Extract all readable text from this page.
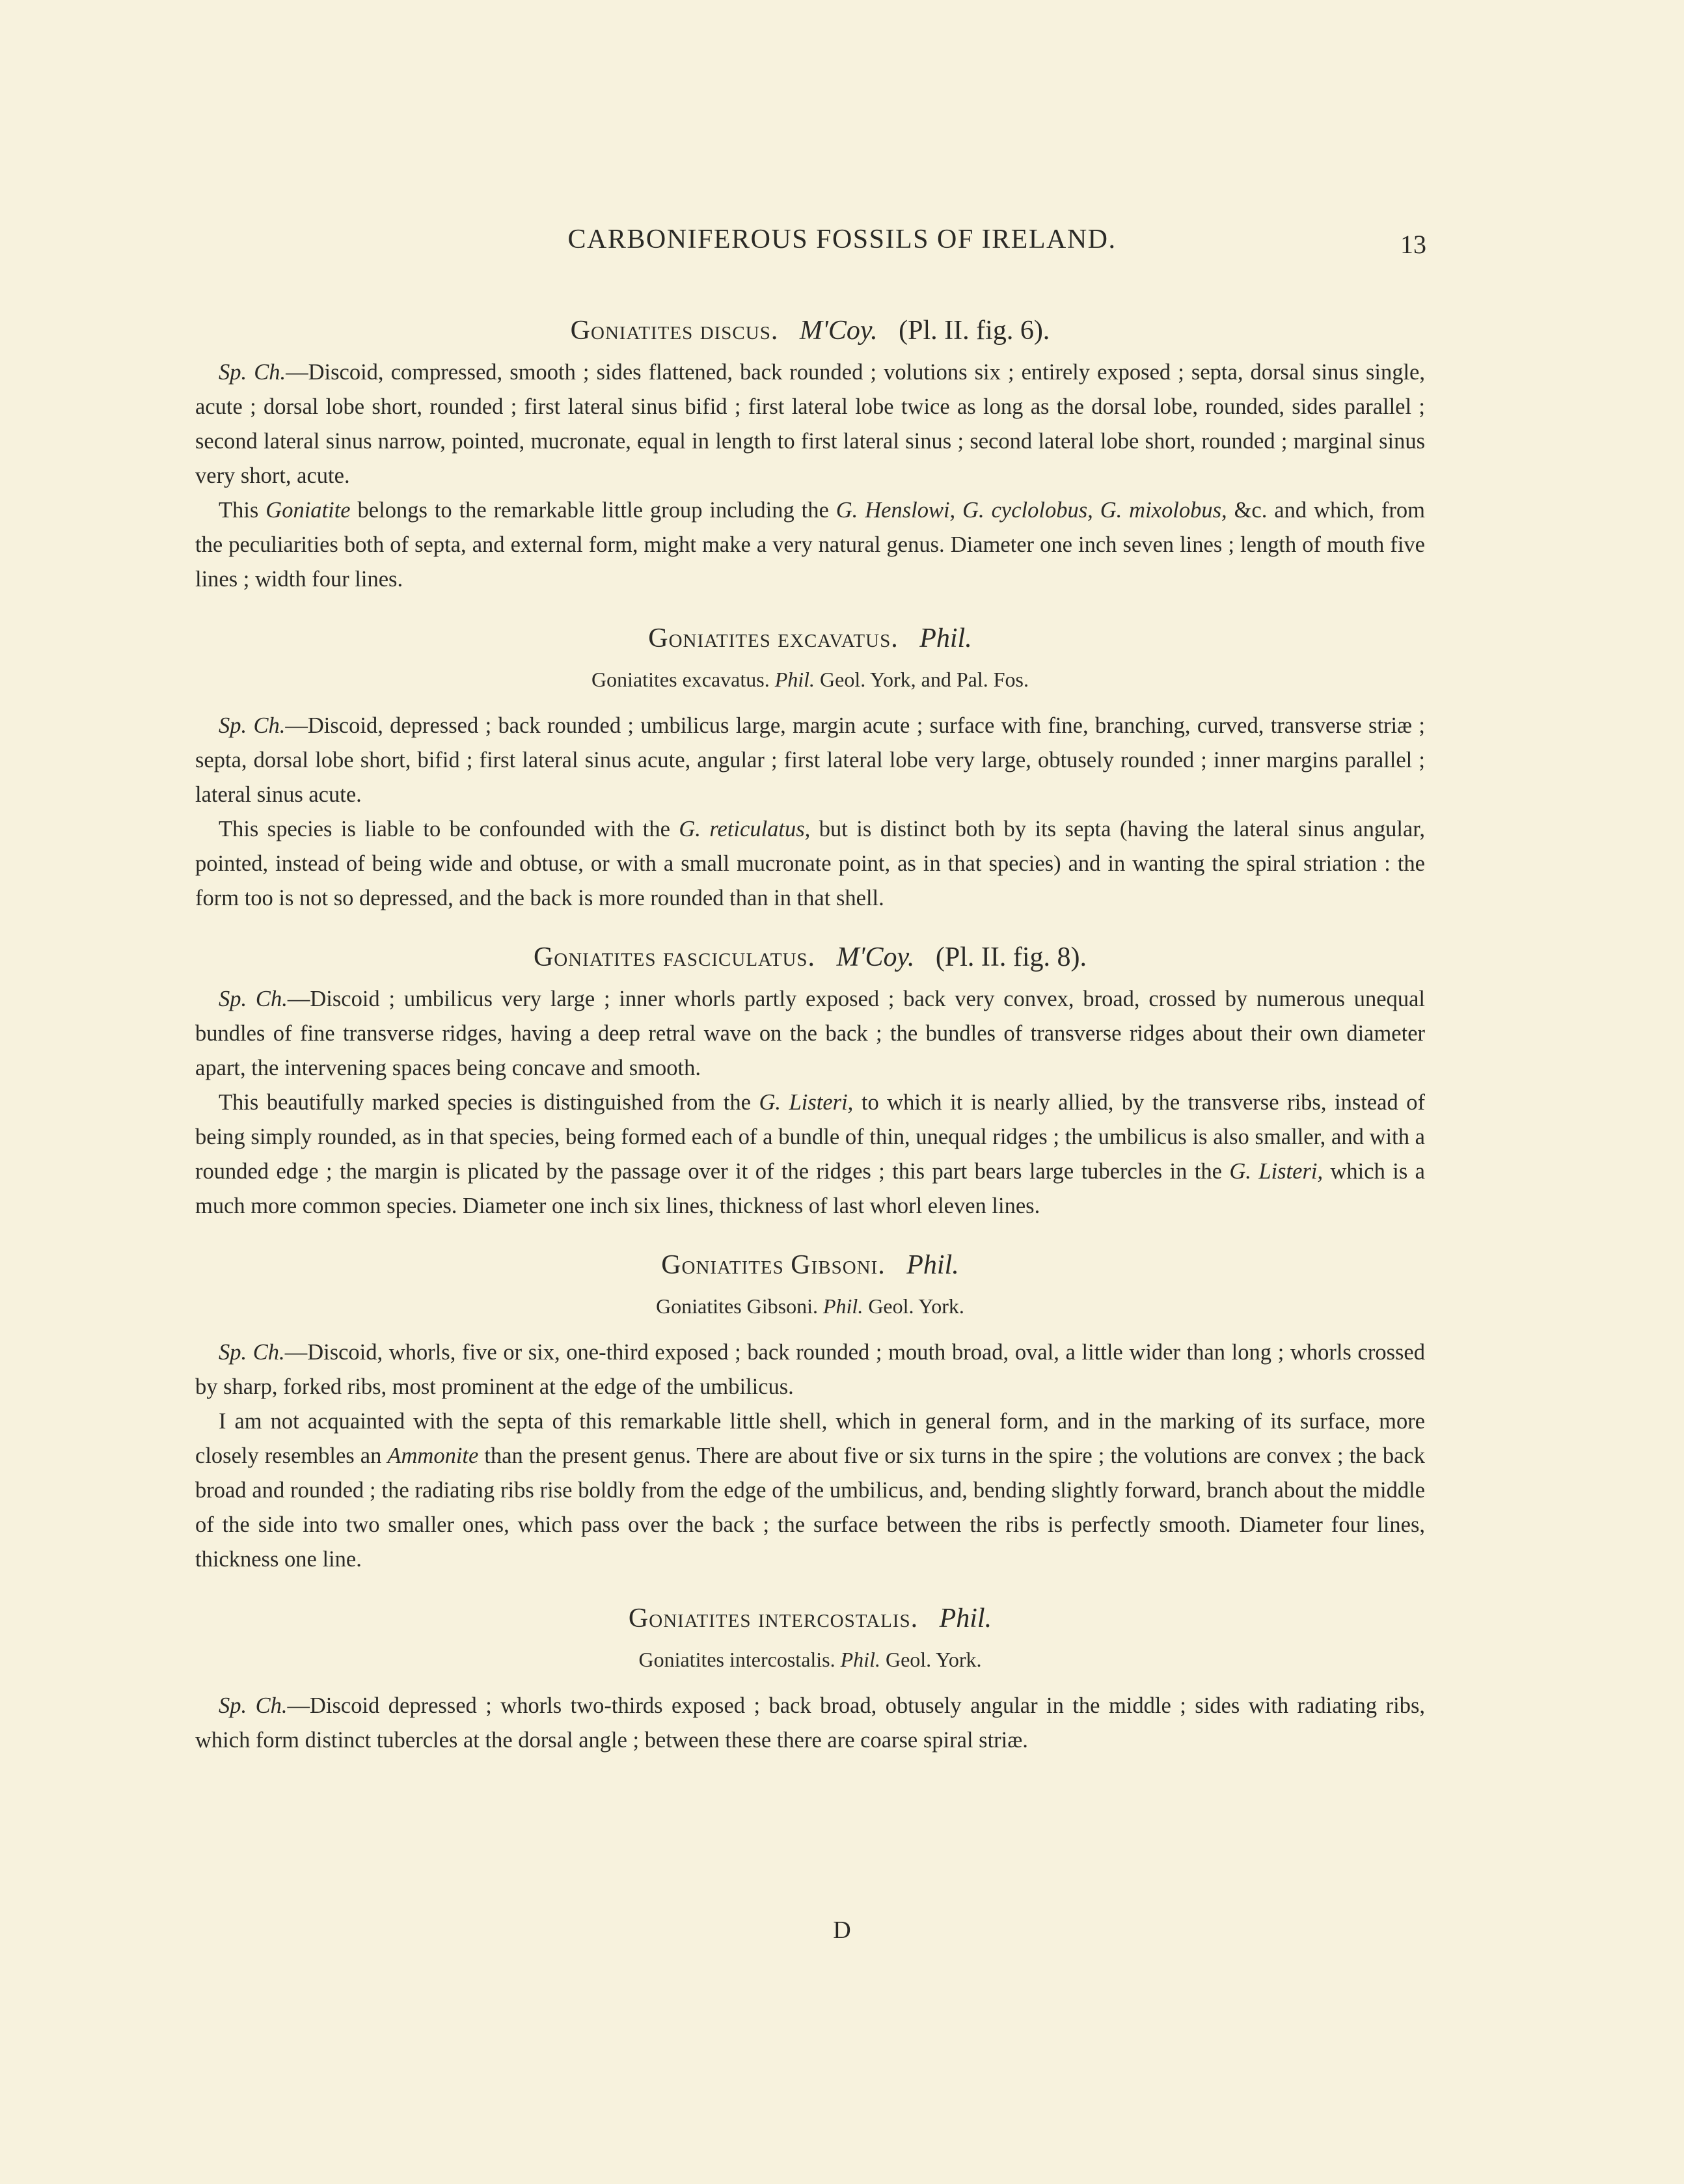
CARBONIFEROUS FOSSILS OF IRELAND.	13
Goniatites discus. M'Coy. (Pl. II. fig. 6).

Sp. Ch.—Discoid, compressed, smooth ; sides flattened, back rounded ; volutions six ; entirely exposed ; septa, dorsal sinus single, acute ; dorsal lobe short, rounded ; first lateral sinus bifid ; first lateral lobe twice as long as the dorsal lobe, rounded, sides parallel ; second lateral sinus narrow, pointed, mucronate, equal in length to first lateral sinus ; second lateral lobe short, rounded ; marginal sinus very short, acute.

This Goniatite belongs to the remarkable little group including the G. Henslowi, G. cyclolobus, G. mixolobus, &c. and which, from the peculiarities both of septa, and external form, might make a very natural genus. Diameter one inch seven lines ; length of mouth five lines ; width four lines.

Goniatites excavatus. Phil.
Goniatites excavatus. Phil. Geol. York, and Pal. Fos.

Sp. Ch.—Discoid, depressed ; back rounded ; umbilicus large, margin acute ; surface with fine, branching, curved, transverse striæ ; septa, dorsal lobe short, bifid ; first lateral sinus acute, angular ; first lateral lobe very large, obtusely rounded ; inner margins parallel ; lateral sinus acute.

This species is liable to be confounded with the G. reticulatus, but is distinct both by its septa (having the lateral sinus angular, pointed, instead of being wide and obtuse, or with a small mucronate point, as in that species) and in wanting the spiral striation : the form too is not so depressed, and the back is more rounded than in that shell.

Goniatites fasciculatus. M'Coy. (Pl. II. fig. 8).

Sp. Ch.—Discoid ; umbilicus very large ; inner whorls partly exposed ; back very convex, broad, crossed by numerous unequal bundles of fine transverse ridges, having a deep retral wave on the back ; the bundles of transverse ridges about their own diameter apart, the intervening spaces being concave and smooth.

This beautifully marked species is distinguished from the G. Listeri, to which it is nearly allied, by the transverse ribs, instead of being simply rounded, as in that species, being formed each of a bundle of thin, unequal ridges ; the umbilicus is also smaller, and with a rounded edge ; the margin is plicated by the passage over it of the ridges ; this part bears large tubercles in the G. Listeri, which is a much more common species. Diameter one inch six lines, thickness of last whorl eleven lines.

Goniatites Gibsoni. Phil.
Goniatites Gibsoni. Phil. Geol. York.

Sp. Ch.—Discoid, whorls, five or six, one-third exposed ; back rounded ; mouth broad, oval, a little wider than long ; whorls crossed by sharp, forked ribs, most prominent at the edge of the umbilicus.

I am not acquainted with the septa of this remarkable little shell, which in general form, and in the marking of its surface, more closely resembles an Ammonite than the present genus. There are about five or six turns in the spire ; the volutions are convex ; the back broad and rounded ; the radiating ribs rise boldly from the edge of the umbilicus, and, bending slightly forward, branch about the middle of the side into two smaller ones, which pass over the back ; the surface between the ribs is perfectly smooth. Diameter four lines, thickness one line.

Goniatites intercostalis. Phil.
Goniatites intercostalis. Phil. Geol. York.

Sp. Ch.—Discoid depressed ; whorls two-thirds exposed ; back broad, obtusely angular in the middle ; sides with radiating ribs, which form distinct tubercles at the dorsal angle ; between these there are coarse spiral striæ.

D
